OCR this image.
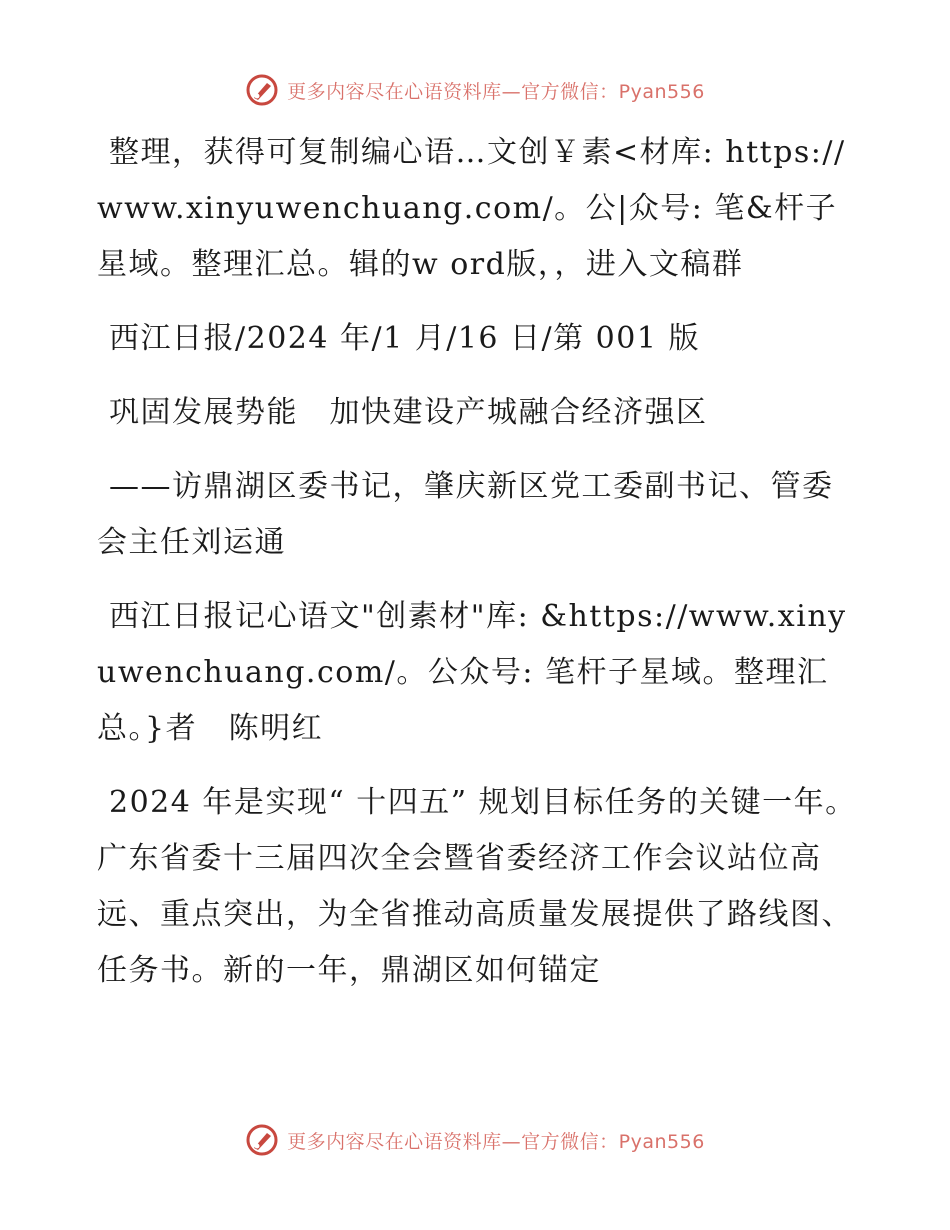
更多内容尽在心语资料库—官方微信：Pyan556

整理，获得可复制编心语…文创￥素<材库: https://www.xinyuwenchuang.com/。公|众号: 笔&杆子星域。整理汇总。辑的w ord版，，进入文稿群

西江日报/2024 年/1 月/16 日/第 001 版

巩固发展势能　加快建设产城融合经济强区

——访鼎湖区委书记，肇庆新区党工委副书记、管委会主任刘运通

西江日报记心语文"创素材"库: &https://www.xinyuwenchuang.com/。公众号: 笔杆子星域。整理汇总。}者　陈明红

2024 年是实现“ 十四五” 规划目标任务的关键一年。广东省委十三届四次全会暨省委经济工作会议站位高远、重点突出，为全省推动高质量发展提供了路线图、任务书。新的一年，鼎湖区如何锚定

更多内容尽在心语资料库—官方微信：Pyan556
